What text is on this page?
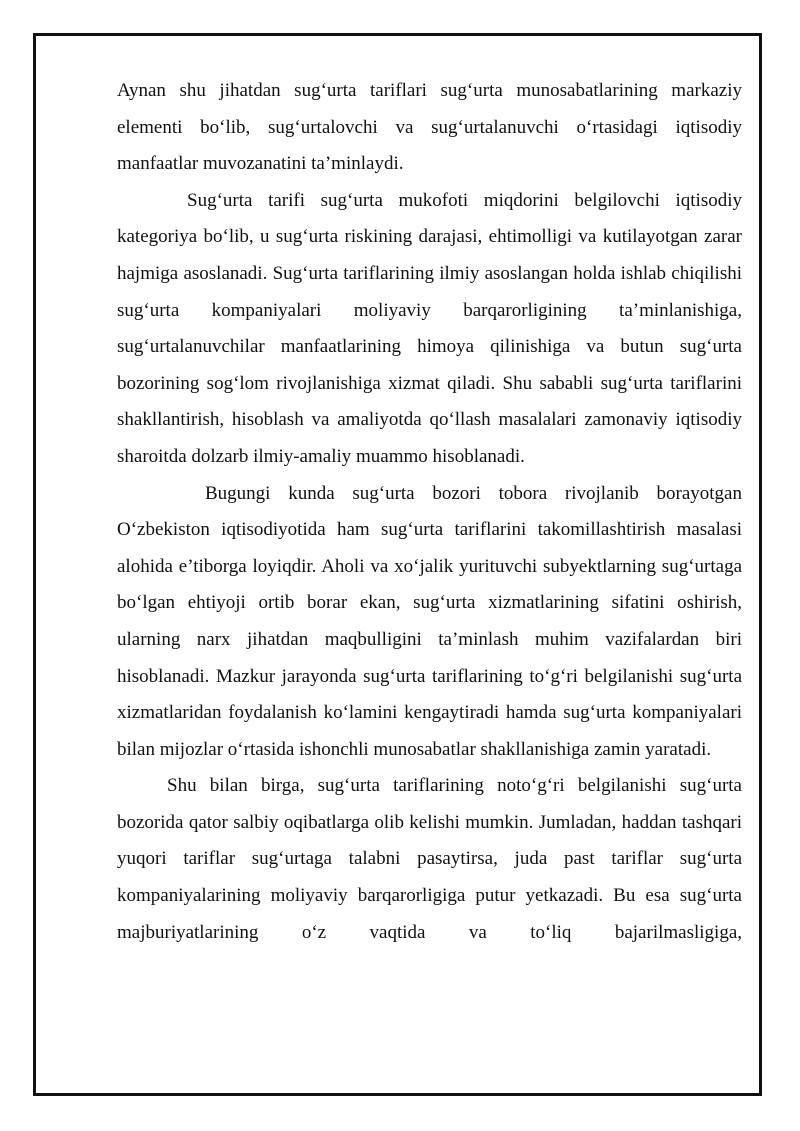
Aynan shu jihatdan sug‘urta tariflari sug‘urta munosabatlarining markaziy elementi bo‘lib, sug‘urtalovchi va sug‘urtalanuvchi o‘rtasidagi iqtisodiy manfaatlar muvozanatini ta’minlaydi.

Sug‘urta tarifi sug‘urta mukofoti miqdorini belgilovchi iqtisodiy kategoriya bo‘lib, u sug‘urta riskining darajasi, ehtimolligi va kutilayotgan zarar hajmiga asoslanadi. Sug‘urta tariflarining ilmiy asoslangan holda ishlab chiqilishi sug‘urta kompaniyalari moliyaviy barqarorligining ta’minlanishiga, sug‘urtalanuvchilar manfaatlarining himoya qilinishiga va butun sug‘urta bozorining sog‘lom rivojlanishiga xizmat qiladi. Shu sababli sug‘urta tariflarini shakllantirish, hisoblash va amaliyotda qo‘llash masalalari zamonaviy iqtisodiy sharoitda dolzarb ilmiy-amaliy muammo hisoblanadi.

Bugungi kunda sug‘urta bozori tobora rivojlanib borayotgan O‘zbekiston iqtisodiyotida ham sug‘urta tariflarini takomillashtirish masalasi alohida e’tiborga loyiqdir. Aholi va xo‘jalik yurituvchi subyektlarning sug‘urtaga bo‘lgan ehtiyoji ortib borar ekan, sug‘urta xizmatlarining sifatini oshirish, ularning narx jihatdan maqbulligini ta’minlash muhim vazifalardan biri hisoblanadi. Mazkur jarayonda sug‘urta tariflarining to‘g‘ri belgilanishi sug‘urta xizmatlaridan foydalanish ko‘lamini kengaytiradi hamda sug‘urta kompaniyalari bilan mijozlar o‘rtasida ishonchli munosabatlar shakllanishiga zamin yaratadi.

Shu bilan birga, sug‘urta tariflarining noto‘g‘ri belgilanishi sug‘urta bozorida qator salbiy oqibatlarga olib kelishi mumkin. Jumladan, haddan tashqari yuqori tariflar sug‘urtaga talabni pasaytirsa, juda past tariflar sug‘urta kompaniyalarining moliyaviy barqarorligiga putur yetkazadi. Bu esa sug‘urta majburiyatlarining o‘z vaqtida va to‘liq bajarilmasligiga,
